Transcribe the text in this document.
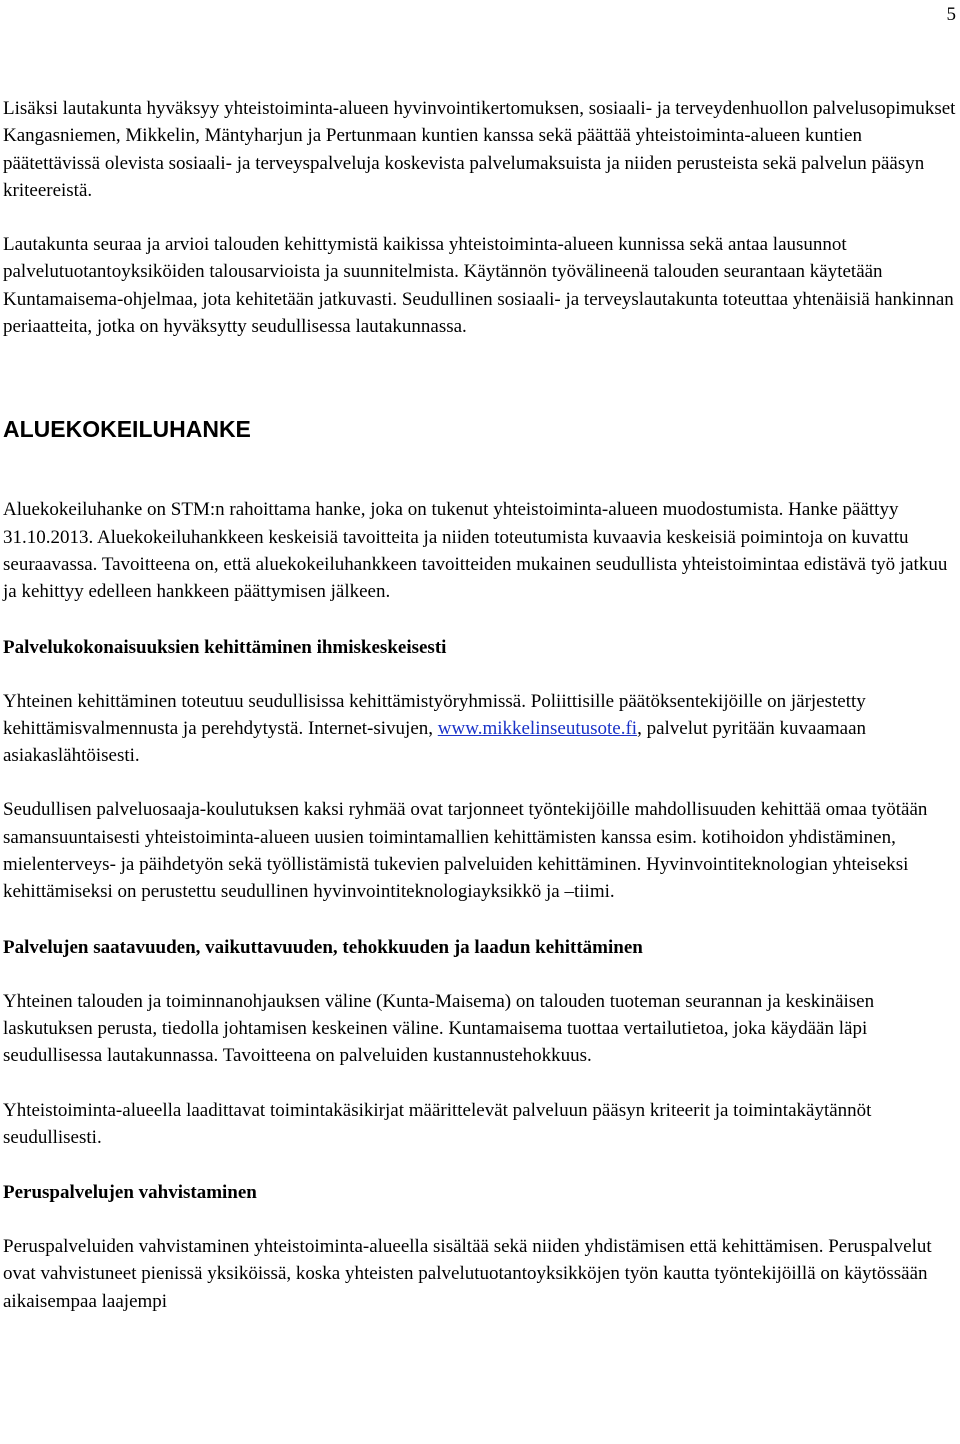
5

Lisäksi lautakunta hyväksyy yhteistoiminta-alueen hyvinvointikertomuksen, sosiaali- ja terveydenhuollon palvelusopimukset Kangasniemen, Mikkelin, Mäntyharjun ja Pertunmaan kuntien kanssa sekä päättää yhteistoiminta-alueen kuntien päätettävissä olevista sosiaali- ja terveyspalveluja koskevista palvelumaksuista ja niiden perusteista sekä palvelun pääsyn kriteereistä.

Lautakunta seuraa ja arvioi talouden kehittymistä kaikissa yhteistoiminta-alueen kunnissa sekä antaa lausunnot palvelutuotantoyksiköiden talousarvioista ja suunnitelmista. Käytännön työvälineenä talouden seurantaan käytetään Kuntamaisema-ohjelmaa, jota kehitetään jatkuvasti. Seudullinen sosiaali- ja terveyslautakunta toteuttaa yhtenäisiä hankinnan periaatteita, jotka on hyväksytty seudullisessa lautakunnassa.

ALUEKOKEILUHANKE

Aluekokeiluhanke on STM:n rahoittama hanke, joka on tukenut yhteistoiminta-alueen muodostumista. Hanke päättyy 31.10.2013. Aluekokeiluhankkeen keskeisiä tavoitteita ja niiden toteutumista kuvaavia keskeisiä poimintoja on kuvattu seuraavassa. Tavoitteena on, että aluekokeiluhankkeen tavoitteiden mukainen seudullista yhteistoimintaa edistävä työ jatkuu ja kehittyy edelleen hankkeen päättymisen jälkeen.

Palvelukokonaisuuksien kehittäminen ihmiskeskeisesti

Yhteinen kehittäminen toteutuu seudullisissa kehittämistyöryhmissä. Poliittisille päätöksentekijöille on järjestetty kehittämisvalmennusta ja perehdytystä. Internet-sivujen, www.mikkelinseutusote.fi, palvelut pyritään kuvaamaan asiakaslähtöisesti.

Seudullisen palveluosaaja-koulutuksen kaksi ryhmää ovat tarjonneet työntekijöille mahdollisuuden kehittää omaa työtään samansuuntaisesti yhteistoiminta-alueen uusien toimintamallien kehittämisten kanssa esim. kotihoidon yhdistäminen, mielenterveys- ja päihdetyön sekä työllistämistä tukevien palveluiden kehittäminen. Hyvinvointiteknologian yhteiseksi kehittämiseksi on perustettu seudullinen hyvinvointiteknologiayksikkö ja –tiimi.

Palvelujen saatavuuden, vaikuttavuuden, tehokkuuden ja laadun kehittäminen

Yhteinen talouden ja toiminnanohjauksen väline (Kunta-Maisema) on talouden tuoteman seurannan ja keskinäisen laskutuksen perusta, tiedolla johtamisen keskeinen väline. Kuntamaisema tuottaa vertailutietoa, joka käydään läpi seudullisessa lautakunnassa. Tavoitteena on palveluiden kustannustehokkuus.

Yhteistoiminta-alueella laadittavat toimintakäsikirjat määrittelevät palveluun pääsyn kriteerit ja toimintakäytännöt seudullisesti.

Peruspalvelujen vahvistaminen

Peruspalveluiden vahvistaminen yhteistoiminta-alueella sisältää sekä niiden yhdistämisen että kehittämisen. Peruspalvelut ovat vahvistuneet pienissä yksiköissä, koska yhteisten palvelutuotantoyksikköjen työn kautta työntekijöillä on käytössään aikaisempaa laajempi
